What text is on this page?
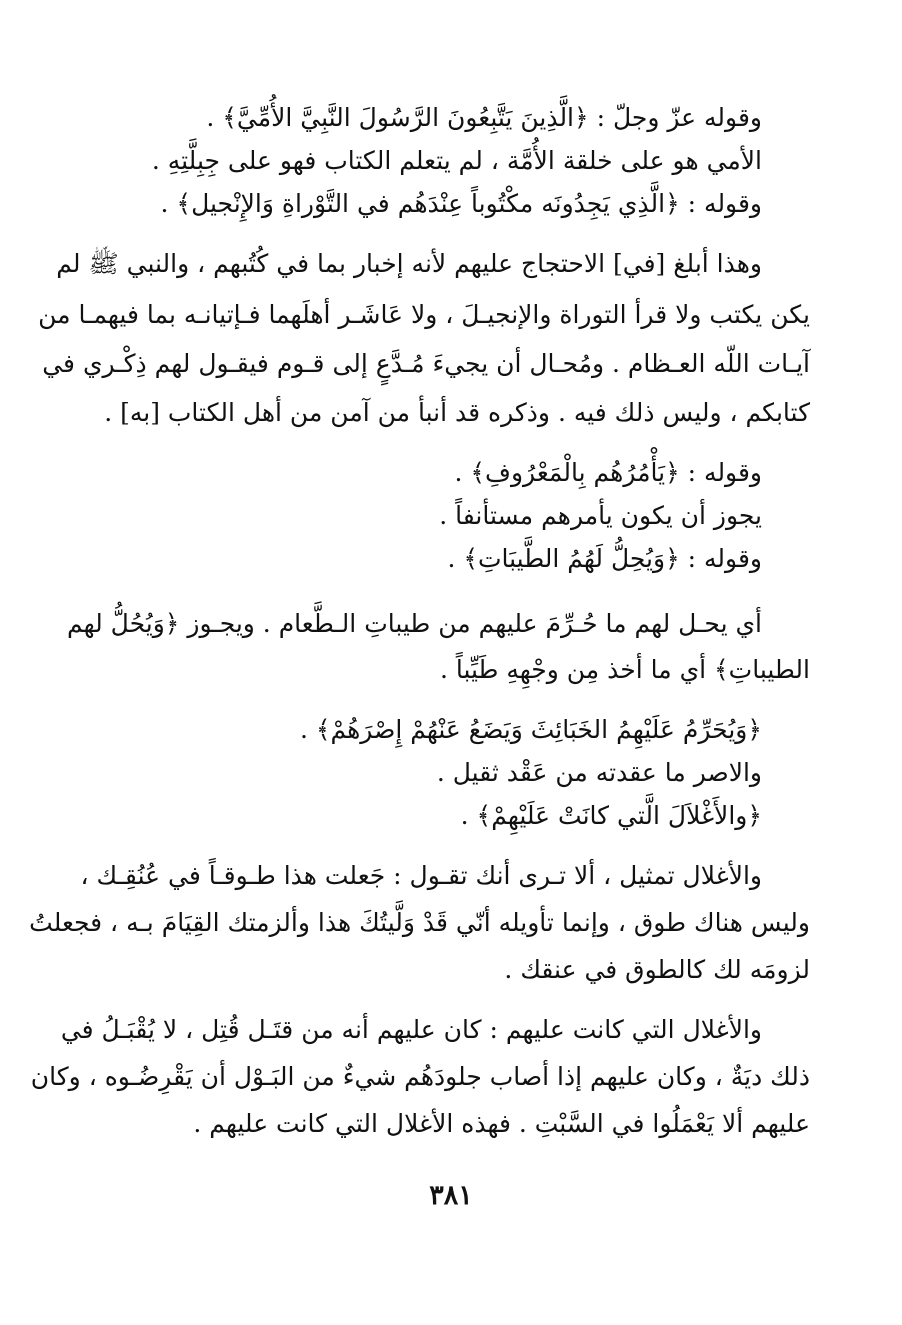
وقوله عزّ وجلّ : ﴿الَّذِينَ يَتَّبِعُونَ الرَّسُولَ النَّبِيَّ الأُمِّيَّ﴾ .
الأمي هو على خلقة الأُمَّة ، لم يتعلم الكتاب فهو على جِبِلَّتِهِ .
وقوله : ﴿الَّذِي يَجِدُونَه مكْتُوباً عِنْدَهُم في التَّوْراةِ وَالإِنْجيل﴾ .
وهذا أبلغ [في] الاحتجاج عليهم لأنه إخبار بما في كُتُبهم ، والنبي ﷺ لم
يكن يكتب ولا قرأ التوراة والإنجيـلَ ، ولا عَاشَـر أهلَهما فـإتيانـه بما فيهمـا من
آيـات اللّه العـظام . ومُحـال أن يجيءَ مُـدَّعٍ إلى قـوم فيقـول لهم ذِكْـري في
كتابكم ، وليس ذلك فيه . وذكره قد أنبأ من آمن من أهل الكتاب [به] .
وقوله : ﴿يَأْمُرُهُم بِالْمَعْرُوفِ﴾ .
يجوز أن يكون يأمرهم مستأنفاً .
وقوله : ﴿وَيُحِلُّ لَهُمُ الطَّيبَاتِ﴾ .
أي يحـل لهم ما حُـرِّمَ عليهم من طيباتِ الـطَّعام . ويجـوز ﴿وَيُحُلُّ لهم
الطيباتِ﴾ أي ما أخذ مِن وجْهِهِ طَيِّباً .
﴿وَيُحَرِّمُ عَلَيْهِمُ الخَبَائِثَ وَيَضَعُ عَنْهُمْ إِصْرَهُمْ﴾ .
والاصر ما عقدته من عَقْد ثقيل .
﴿والأَغْلاَلَ الَّتي كانَتْ عَلَيْهِمْ﴾ .
والأغلال تمثيل ، ألا تـرى أنك تقـول : جَعلت هذا طـوقـاً في عُنُقِـك ،
وليس هناك طوق ، وإنما تأويله أنّي قَدْ وَلَّيتُكَ هذا وألزمتك القِيَامَ بـه ، فجعلتُ
لزومَه لك كالطوق في عنقك .
والأغلال التي كانت عليهم : كان عليهم أنه من قتَـل قُتِل ، لا يُقْبَـلُ في
ذلك ديَةٌ ، وكان عليهم إذا أصاب جلودَهُم شيءٌ من البَـوْل أن يَقْرِضُـوه ، وكان
عليهم ألا يَعْمَلُوا في السَّبْتِ . فهذه الأغلال التي كانت عليهم .
٣٨١
